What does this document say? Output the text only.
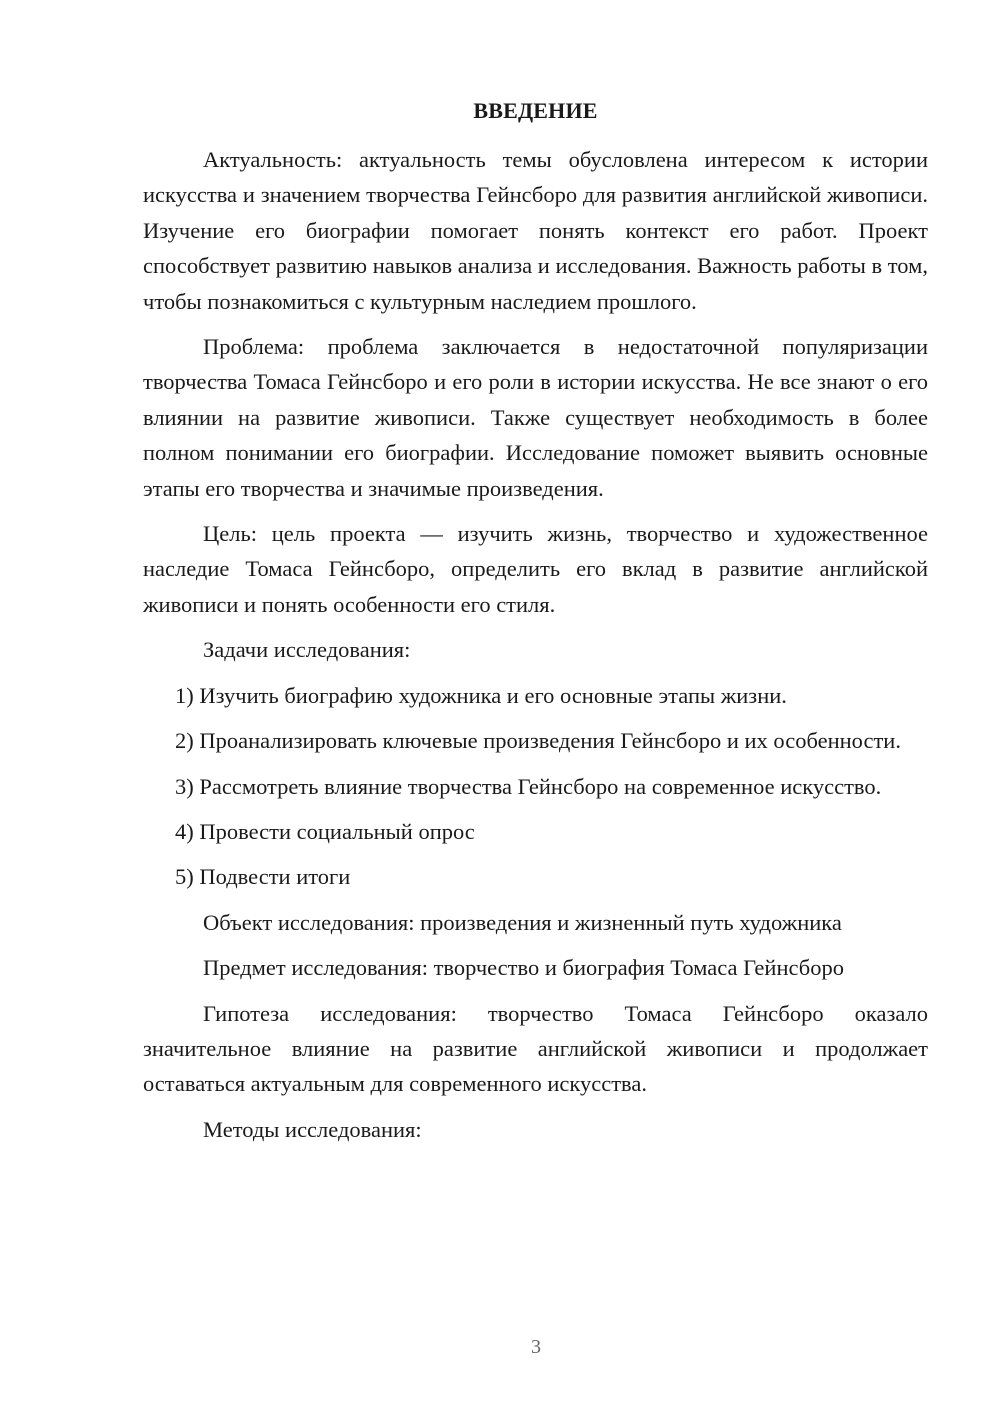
ВВЕДЕНИЕ

Актуальность: актуальность темы обусловлена интересом к истории искусства и значением творчества Гейнсборо для развития английской живописи. Изучение его биографии помогает понять контекст его работ. Проект способствует развитию навыков анализа и исследования. Важность работы в том, чтобы познакомиться с культурным наследием прошлого.

Проблема: проблема заключается в недостаточной популяризации творчества Томаса Гейнсборо и его роли в истории искусства. Не все знают о его влиянии на развитие живописи. Также существует необходимость в более полном понимании его биографии. Исследование поможет выявить основные этапы его творчества и значимые произведения.

Цель: цель проекта — изучить жизнь, творчество и художественное наследие Томаса Гейнсборо, определить его вклад в развитие английской живописи и понять особенности его стиля.

Задачи исследования:

1) Изучить биографию художника и его основные этапы жизни.

2) Проанализировать ключевые произведения Гейнсборо и их особенности.

3) Рассмотреть влияние творчества Гейнсборо на современное искусство.

4) Провести социальный опрос

5) Подвести итоги

Объект исследования: произведения и жизненный путь художника

Предмет исследования: творчество и биография Томаса Гейнсборо

Гипотеза исследования: творчество Томаса Гейнсборо оказало значительное влияние на развитие английской живописи и продолжает оставаться актуальным для современного искусства.

Методы исследования:

3
